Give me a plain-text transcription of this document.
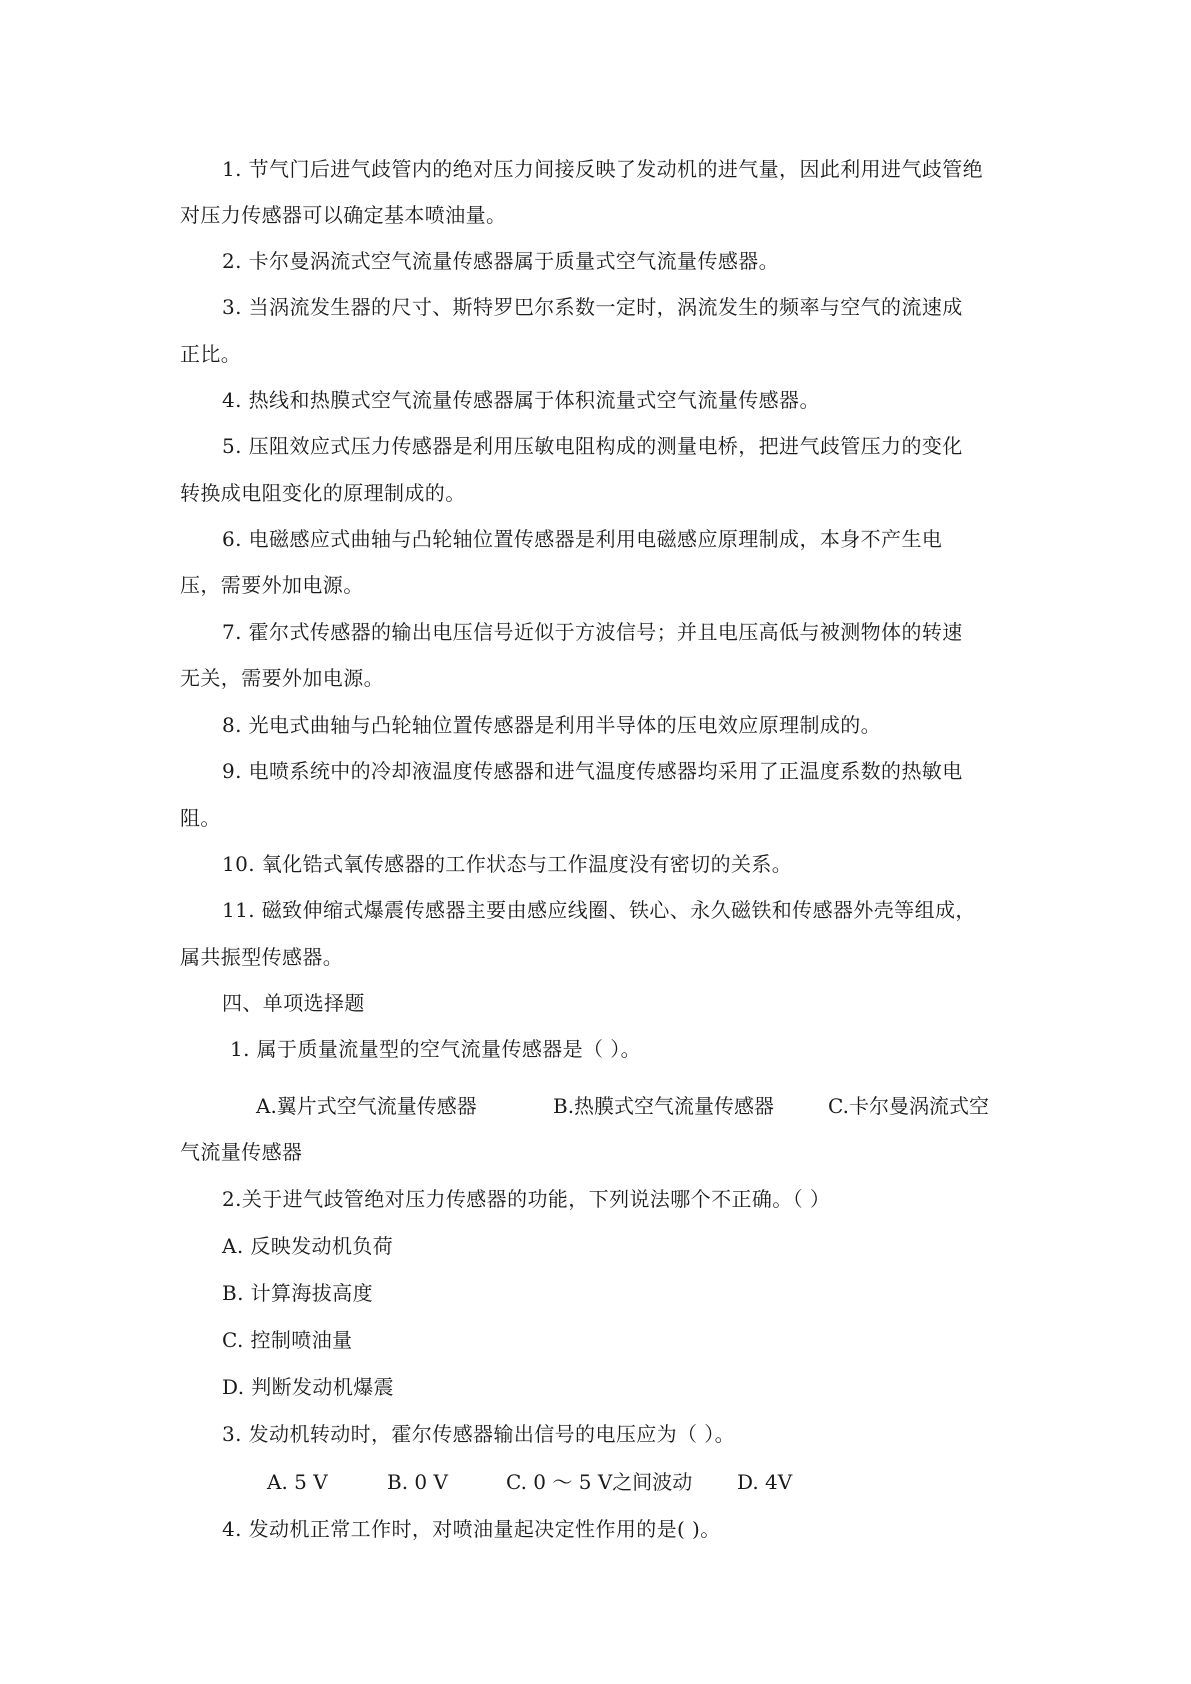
1. 节气门后进气歧管内的绝对压力间接反映了发动机的进气量，因此利用进气歧管绝
对压力传感器可以确定基本喷油量。
2. 卡尔曼涡流式空气流量传感器属于质量式空气流量传感器。
3. 当涡流发生器的尺寸、斯特罗巴尔系数一定时，涡流发生的频率与空气的流速成
正比。
4. 热线和热膜式空气流量传感器属于体积流量式空气流量传感器。
5. 压阻效应式压力传感器是利用压敏电阻构成的测量电桥，把进气歧管压力的变化
转换成电阻变化的原理制成的。
6. 电磁感应式曲轴与凸轮轴位置传感器是利用电磁感应原理制成，本身不产生电
压，需要外加电源。
7. 霍尔式传感器的输出电压信号近似于方波信号；并且电压高低与被测物体的转速
无关，需要外加电源。
8. 光电式曲轴与凸轮轴位置传感器是利用半导体的压电效应原理制成的。
9. 电喷系统中的冷却液温度传感器和进气温度传感器均采用了正温度系数的热敏电
阻。
10. 氧化锆式氧传感器的工作状态与工作温度没有密切的关系。
11. 磁致伸缩式爆震传感器主要由感应线圈、铁心、永久磁铁和传感器外壳等组成，
属共振型传感器。
四、单项选择题
1. 属于质量流量型的空气流量传感器是（ ）。
A.翼片式空气流量传感器	B.热膜式空气流量传感器	C.卡尔曼涡流式空
气流量传感器
2.关于进气歧管绝对压力传感器的功能，下列说法哪个不正确。（ ）
A. 反映发动机负荷
B. 计算海拔高度
C. 控制喷油量
D. 判断发动机爆震
3. 发动机转动时，霍尔传感器输出信号的电压应为（ ）。
A. 5 V	B. 0 V	C. 0 ～ 5 V之间波动 D. 4V
4. 发动机正常工作时，对喷油量起决定性作用的是( )。
